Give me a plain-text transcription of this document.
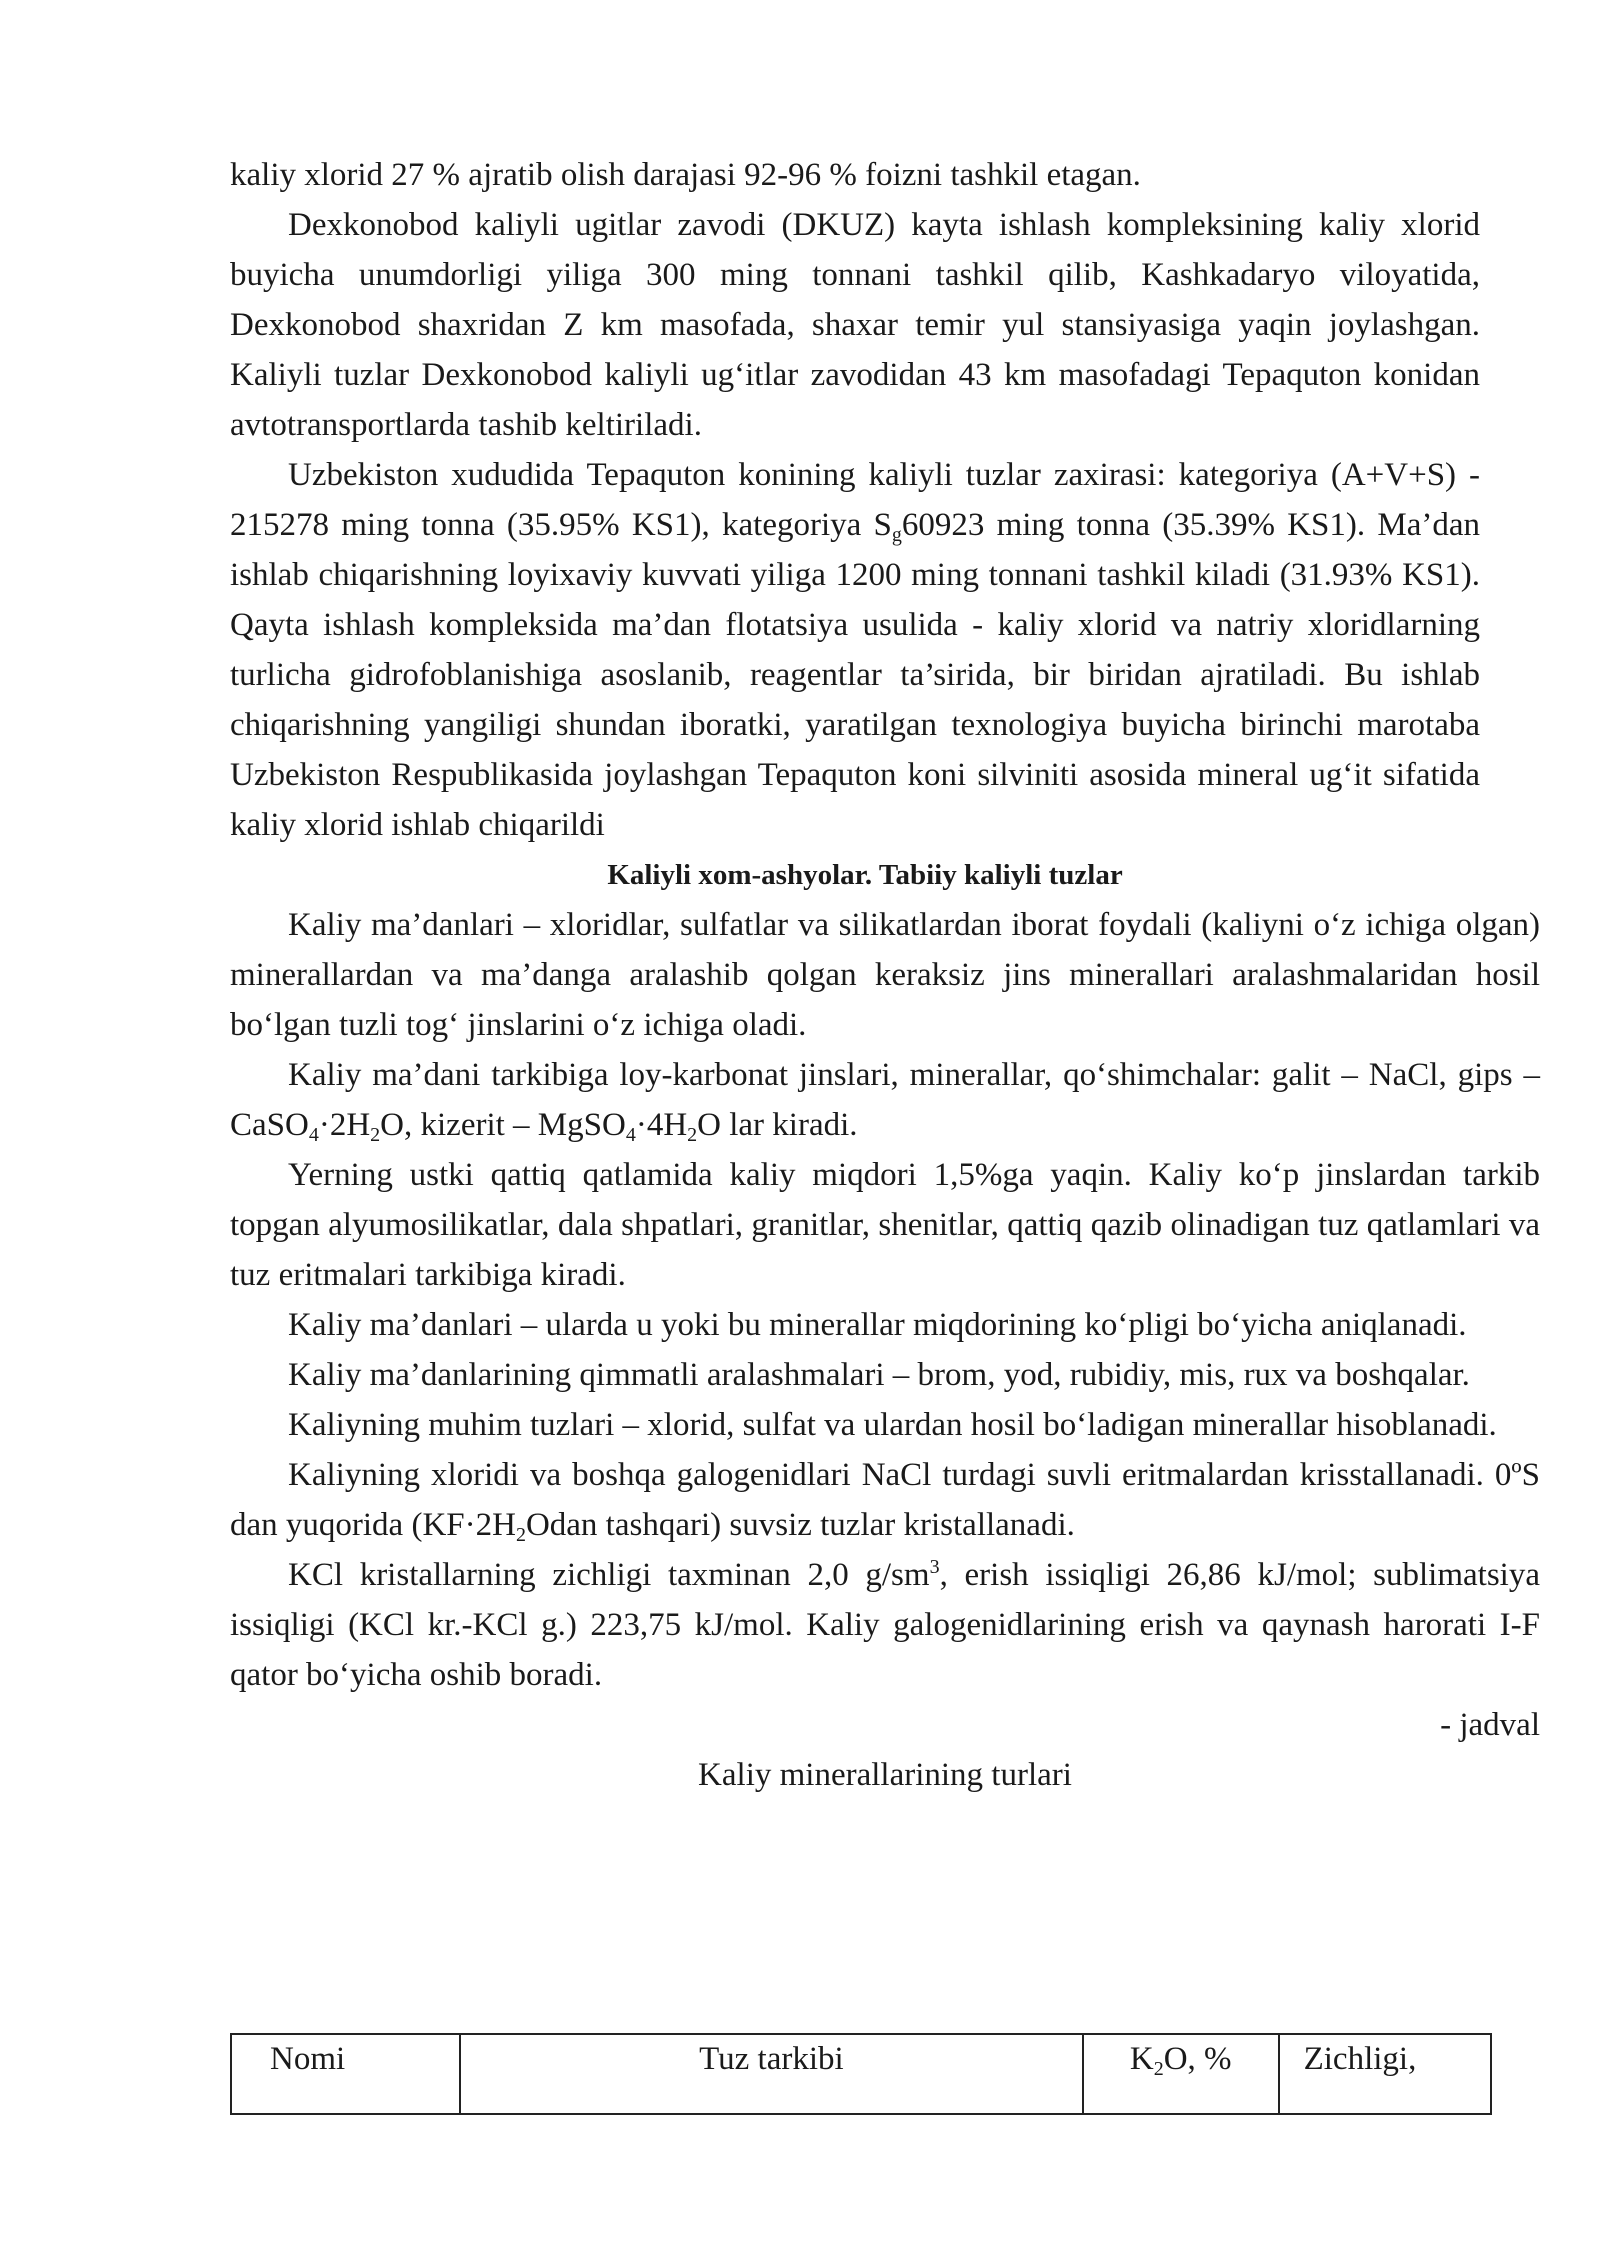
kaliy xlorid 27 % ajratib olish darajasi 92-96 % foizni tashkil etagan.

Dexkonobod kaliyli ugitlar zavodi (DKUZ) kayta ishlash kompleksining kaliy xlorid buyicha unumdorligi yiliga 300 ming tonnani tashkil qilib, Kashkadaryo viloyatida, Dexkonobod shaxridan Z km masofada, shaxar temir yul stansiyasiga yaqin joylashgan. Kaliyli tuzlar Dexkonobod kaliyli ug‘itlar zavodidan 43 km masofadagi Tepaquton konidan avtotransportlarda tashib keltiriladi.

Uzbekiston xududida Tepaquton konining kaliyli tuzlar zaxirasi: kategoriya (A+V+S) - 215278 ming tonna (35.95% KS1), kategoriya $S_g60923$ ming tonna (35.39% KS1). Ma’dan ishlab chiqarishning loyixaviy kuvvati yiliga 1200 ming tonnani tashkil kiladi (31.93% KS1). Qayta ishlash kompleksida ma’dan flotatsiya usulida - kaliy xlorid va natriy xloridlarning turlicha gidrofoblanishiga asoslanib, reagentlar ta’sirida, bir biridan ajratiladi. Bu ishlab chiqarishning yangiligi shundan iboratki, yaratilgan texnologiya buyicha birinchi marotaba Uzbekiston Respublikasida joylashgan Tepaquton koni silviniti asosida mineral ug‘it sifatida kaliy xlorid ishlab chiqarildi

Kaliyli xom-ashyolar. Tabiiy kaliyli tuzlar

Kaliy ma’danlari – xloridlar, sulfatlar va silikatlardan iborat foydali (kaliyni o‘z ichiga olgan) minerallardan va ma’danga aralashib qolgan keraksiz jins minerallari aralashmalaridan hosil bo‘lgan tuzli tog‘ jinslarini o‘z ichiga oladi.

Kaliy ma’dani tarkibiga loy-karbonat jinslari, minerallar, qo‘shimchalar: galit – NaCl, gips – $CaSO_4\cdot 2H_2O$, kizerit – $MgSO_4\cdot 4H_2O$ lar kiradi.

Yerning ustki qattiq qatlamida kaliy miqdori 1,5%ga yaqin. Kaliy ko‘p jinslardan tarkib topgan alyumosilikatlar, dala shpatlari, granitlar, shenitlar, qattiq qazib olinadigan tuz qatlamlari va tuz eritmalari tarkibiga kiradi.

Kaliy ma’danlari – ularda u yoki bu minerallar miqdorining ko‘pligi bo‘yicha aniqlanadi.

Kaliy ma’danlarining qimmatli aralashmalari – brom, yod, rubidiy, mis, rux va boshqalar.

Kaliyning muhim tuzlari – xlorid, sulfat va ulardan hosil bo‘ladigan minerallar hisoblanadi.

Kaliyning xloridi va boshqa galogenidlari NaCl turdagi suvli eritmalardan krisstallanadi. 0ºS dan yuqorida ($KF\cdot 2H_2Odan$ tashqari) suvsiz tuzlar kristallanadi.

KCl kristallarning zichligi taxminan 2,0 $g/sm^3$, erish issiqligi 26,86 kJ/mol; sublimatsiya issiqligi (KCl kr.-KCl g.) 223,75 kJ/mol. Kaliy galogenidlarining erish va qaynash harorati I-F qator bo‘yicha oshib boradi.

- jadval

Kaliy minerallarining turlari

Nomi	Tuz tarkibi	$K_2O$, %	Zichligi,
